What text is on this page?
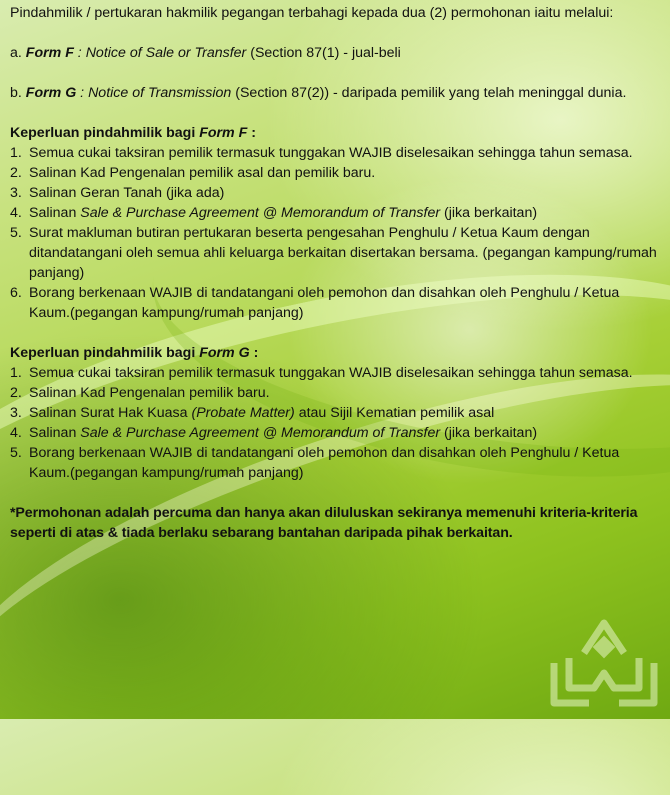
Pindahmilik / pertukaran hakmilik pegangan terbahagi kepada dua (2) permohonan iaitu melalui:

a. Form F : Notice of Sale or Transfer (Section 87(1) - jual-beli

b. Form G : Notice of Transmission (Section 87(2)) - daripada pemilik yang telah meninggal dunia.

Keperluan pindahmilik bagi Form F :

1. Semua cukai taksiran pemilik termasuk tunggakan WAJIB diselesaikan sehingga tahun semasa.
2. Salinan Kad Pengenalan pemilik asal dan pemilik baru.
3. Salinan Geran Tanah (jika ada)
4. Salinan Sale & Purchase Agreement @ Memorandum of Transfer (jika berkaitan)
5. Surat makluman butiran pertukaran beserta pengesahan Penghulu / Ketua Kaum dengan ditandatangani oleh semua ahli keluarga berkaitan disertakan bersama. (pegangan kampung/rumah panjang)
6. Borang berkenaan WAJIB di tandatangani oleh pemohon dan disahkan oleh Penghulu / Ketua Kaum.(pegangan kampung/rumah panjang)

Keperluan pindahmilik bagi Form G :

1. Semua cukai taksiran pemilik termasuk tunggakan WAJIB diselesaikan sehingga tahun semasa.
2. Salinan Kad Pengenalan pemilik baru.
3. Salinan Surat Hak Kuasa (Probate Matter) atau Sijil Kematian pemilik asal
4. Salinan Sale & Purchase Agreement @ Memorandum of Transfer (jika berkaitan)
5. Borang berkenaan WAJIB di tandatangani oleh pemohon dan disahkan oleh Penghulu / Ketua Kaum.(pegangan kampung/rumah panjang)

*Permohonan adalah percuma dan hanya akan diluluskan sekiranya memenuhi kriteria-kriteria seperti di atas & tiada berlaku sebarang bantahan daripada pihak berkaitan.
